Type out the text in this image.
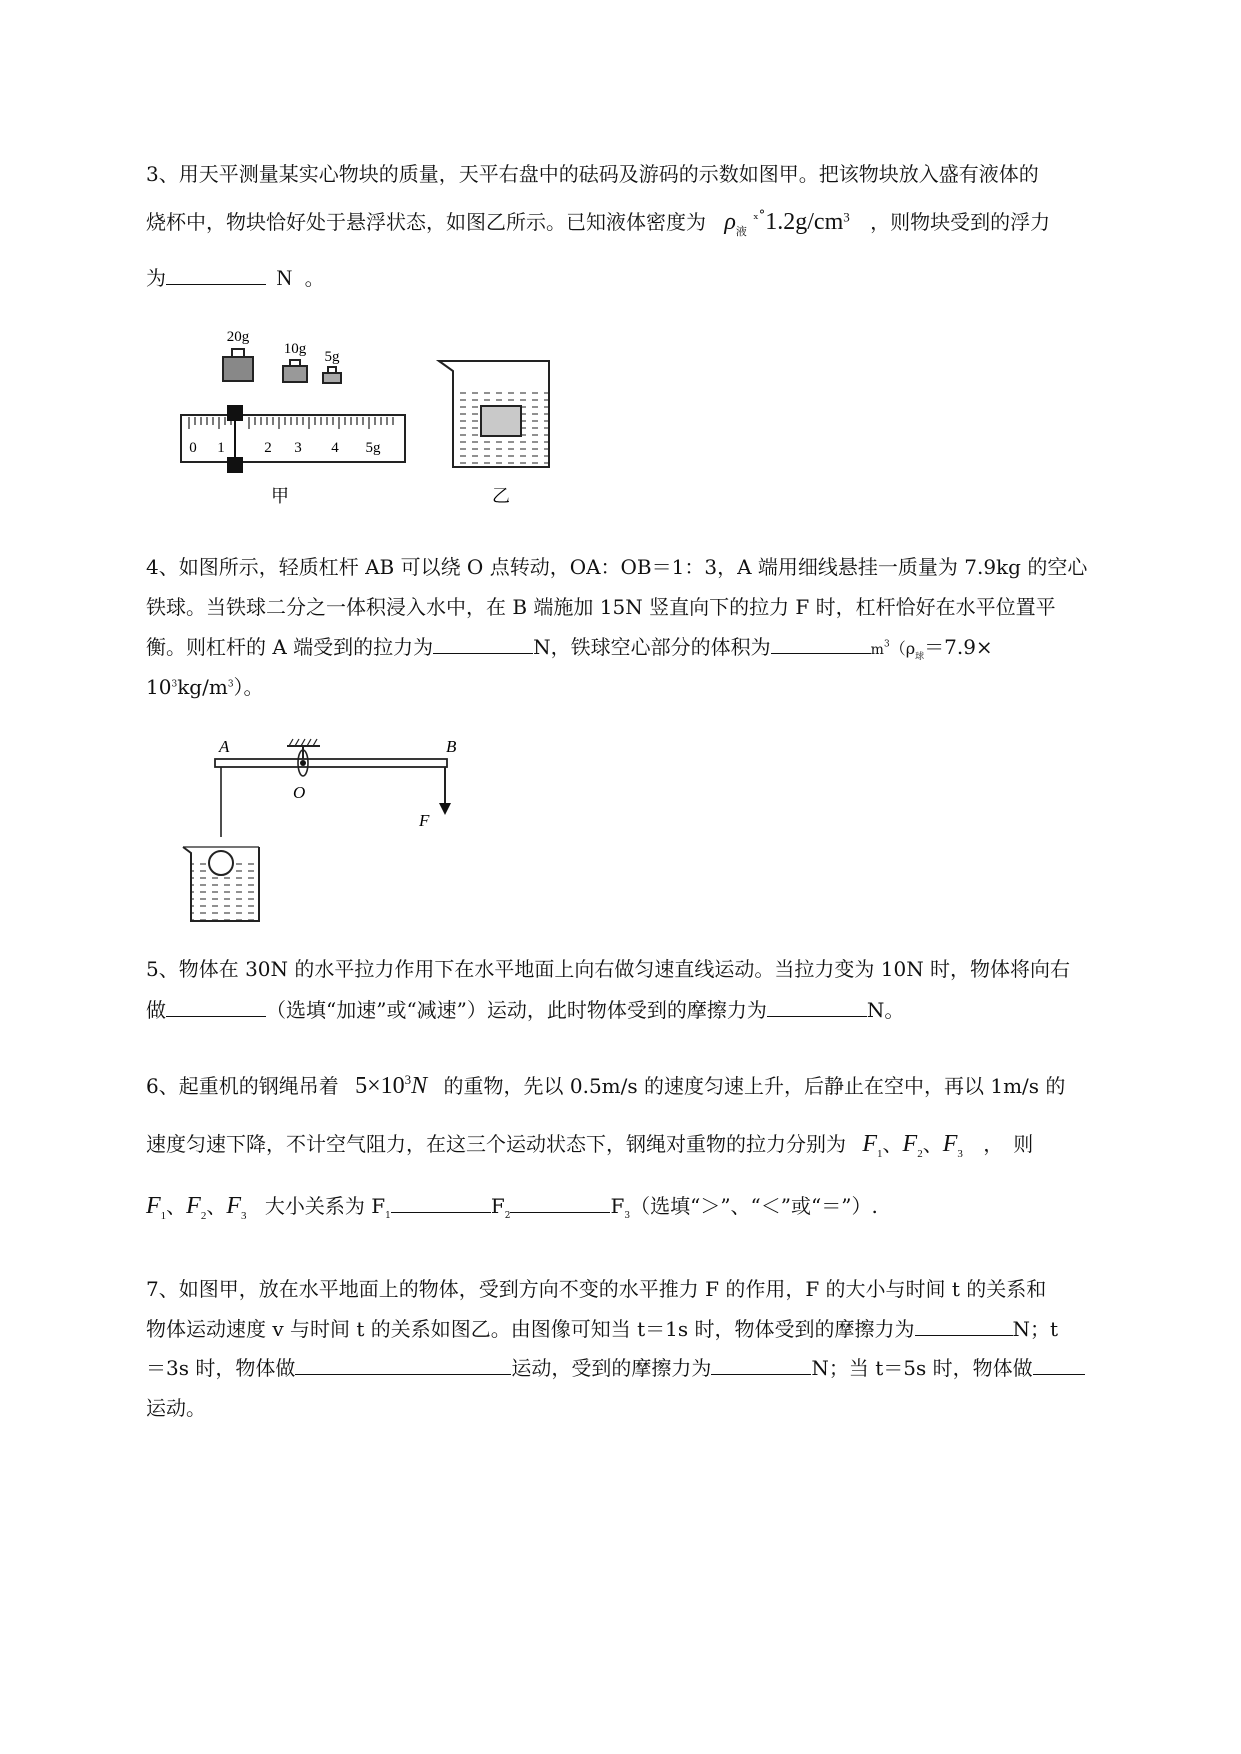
3、用天平测量某实心物块的质量，天平右盘中的砝码及游码的示数如图甲。把该物块放入盛有液体的
烧杯中，物块恰好处于悬浮状态，如图乙所示。已知液体密度为 $\rho_液$ $^{_x^\circ}1.2g/cm^3$ ，则物块受到的浮力
为	N 。
20g
10g 5g
0 1	2 3 4 5g
甲	乙
4、如图所示，轻质杠杆 AB 可以绕 O 点转动，OA：OB＝1：3，A 端用细线悬挂一质量为 7.9kg 的空心
铁球。当铁球二分之一体积浸入水中，在 B 端施加 15N 竖直向下的拉力 F 时，杠杆恰好在水平位置平
衡。则杠杆的 A 端受到的拉力为	N，铁球空心部分的体积为	$m^3(\rho_球=7.9\times$
$10^3kg/m^3$）。
A	B
O
F
5、物体在 30N 的水平拉力作用下在水平地面上向右做匀速直线运动。当拉力变为 10N 时，物体将向右
做	（选填“加速”或“减速”）运动，此时物体受到的摩擦力为	N。
6、起重机的钢绳吊着 $5\times 10^3N$ 的重物，先以 0.5m/s 的速度匀速上升，后静止在空中，再以 1m/s 的
速度匀速下降，不计空气阻力，在这三个运动状态下，钢绳对重物的拉力分别为 $F_1$、$F_2$、$F_3$ ，　则
$F_1$、$F_2$、$F_3$ 大小关系为 $F_1$	$F_2$	$F_3$（选填“＞”、“＜”或“＝”）.
7、如图甲，放在水平地面上的物体，受到方向不变的水平推力 F 的作用，F 的大小与时间 t 的关系和
物体运动速度 v 与时间 t 的关系如图乙。由图像可知当 t＝1s 时，物体受到的摩擦力为	N；t
＝3s 时，物体做	运动，受到的摩擦力为	N；当 t＝5s 时，物体做
运动。
